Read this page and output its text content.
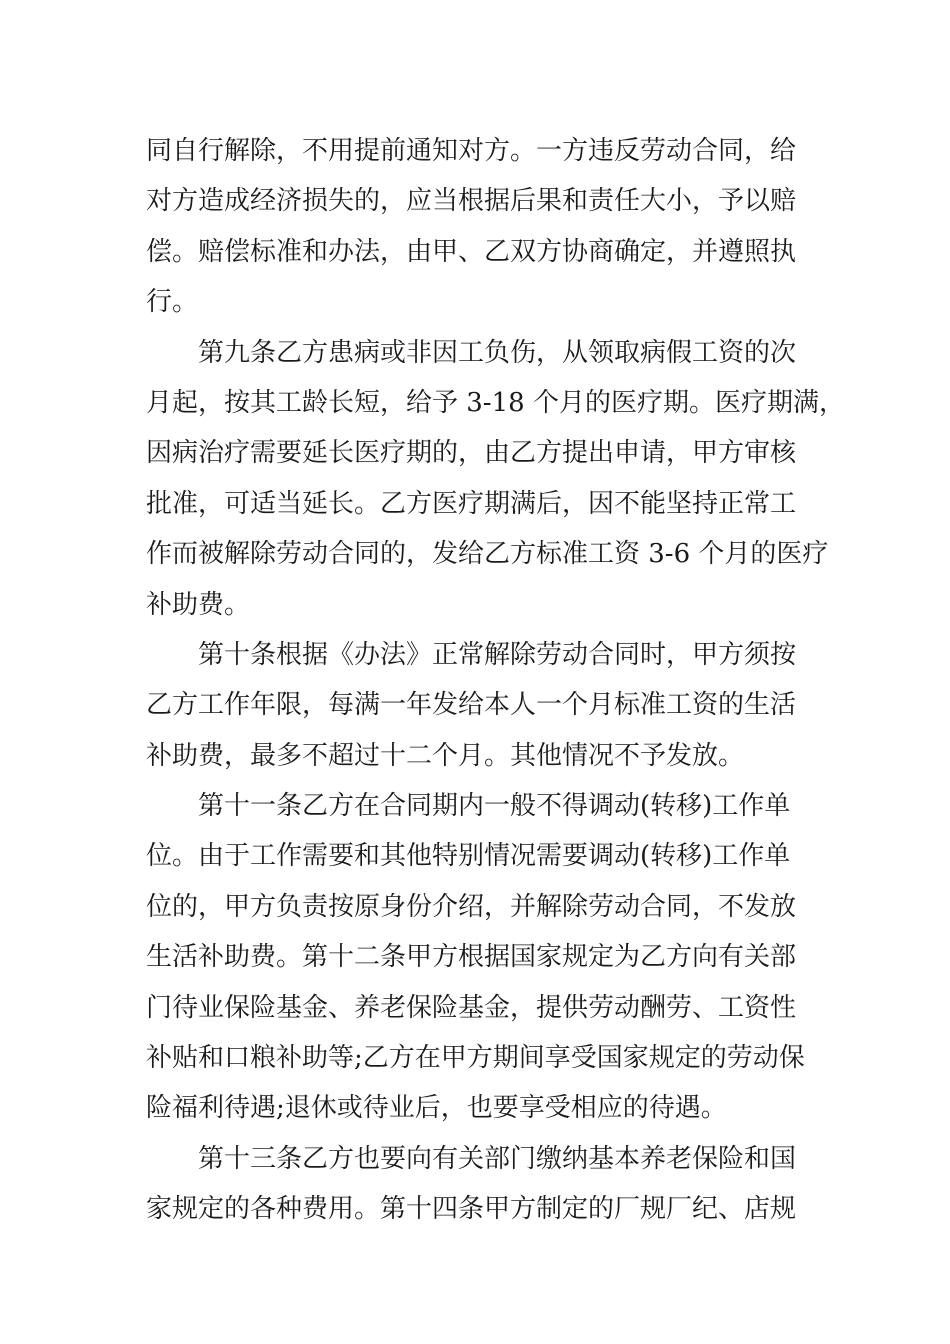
同自行解除，不用提前通知对方。一方违反劳动合同，给
对方造成经济损失的，应当根据后果和责任大小，予以赔
偿。赔偿标准和办法，由甲、乙双方协商确定，并遵照执
行。
第九条乙方患病或非因工负伤，从领取病假工资的次
月起，按其工龄长短，给予 3-18 个月的医疗期。医疗期满，
因病治疗需要延长医疗期的，由乙方提出申请，甲方审核
批准，可适当延长。乙方医疗期满后，因不能坚持正常工
作而被解除劳动合同的，发给乙方标准工资 3-6 个月的医疗
补助费。
第十条根据《办法》正常解除劳动合同时，甲方须按
乙方工作年限，每满一年发给本人一个月标准工资的生活
补助费，最多不超过十二个月。其他情况不予发放。
第十一条乙方在合同期内一般不得调动(转移)工作单
位。由于工作需要和其他特别情况需要调动(转移)工作单
位的，甲方负责按原身份介绍，并解除劳动合同，不发放
生活补助费。第十二条甲方根据国家规定为乙方向有关部
门待业保险基金、养老保险基金，提供劳动酬劳、工资性
补贴和口粮补助等;乙方在甲方期间享受国家规定的劳动保
险福利待遇;退休或待业后，也要享受相应的待遇。
第十三条乙方也要向有关部门缴纳基本养老保险和国
家规定的各种费用。第十四条甲方制定的厂规厂纪、店规
